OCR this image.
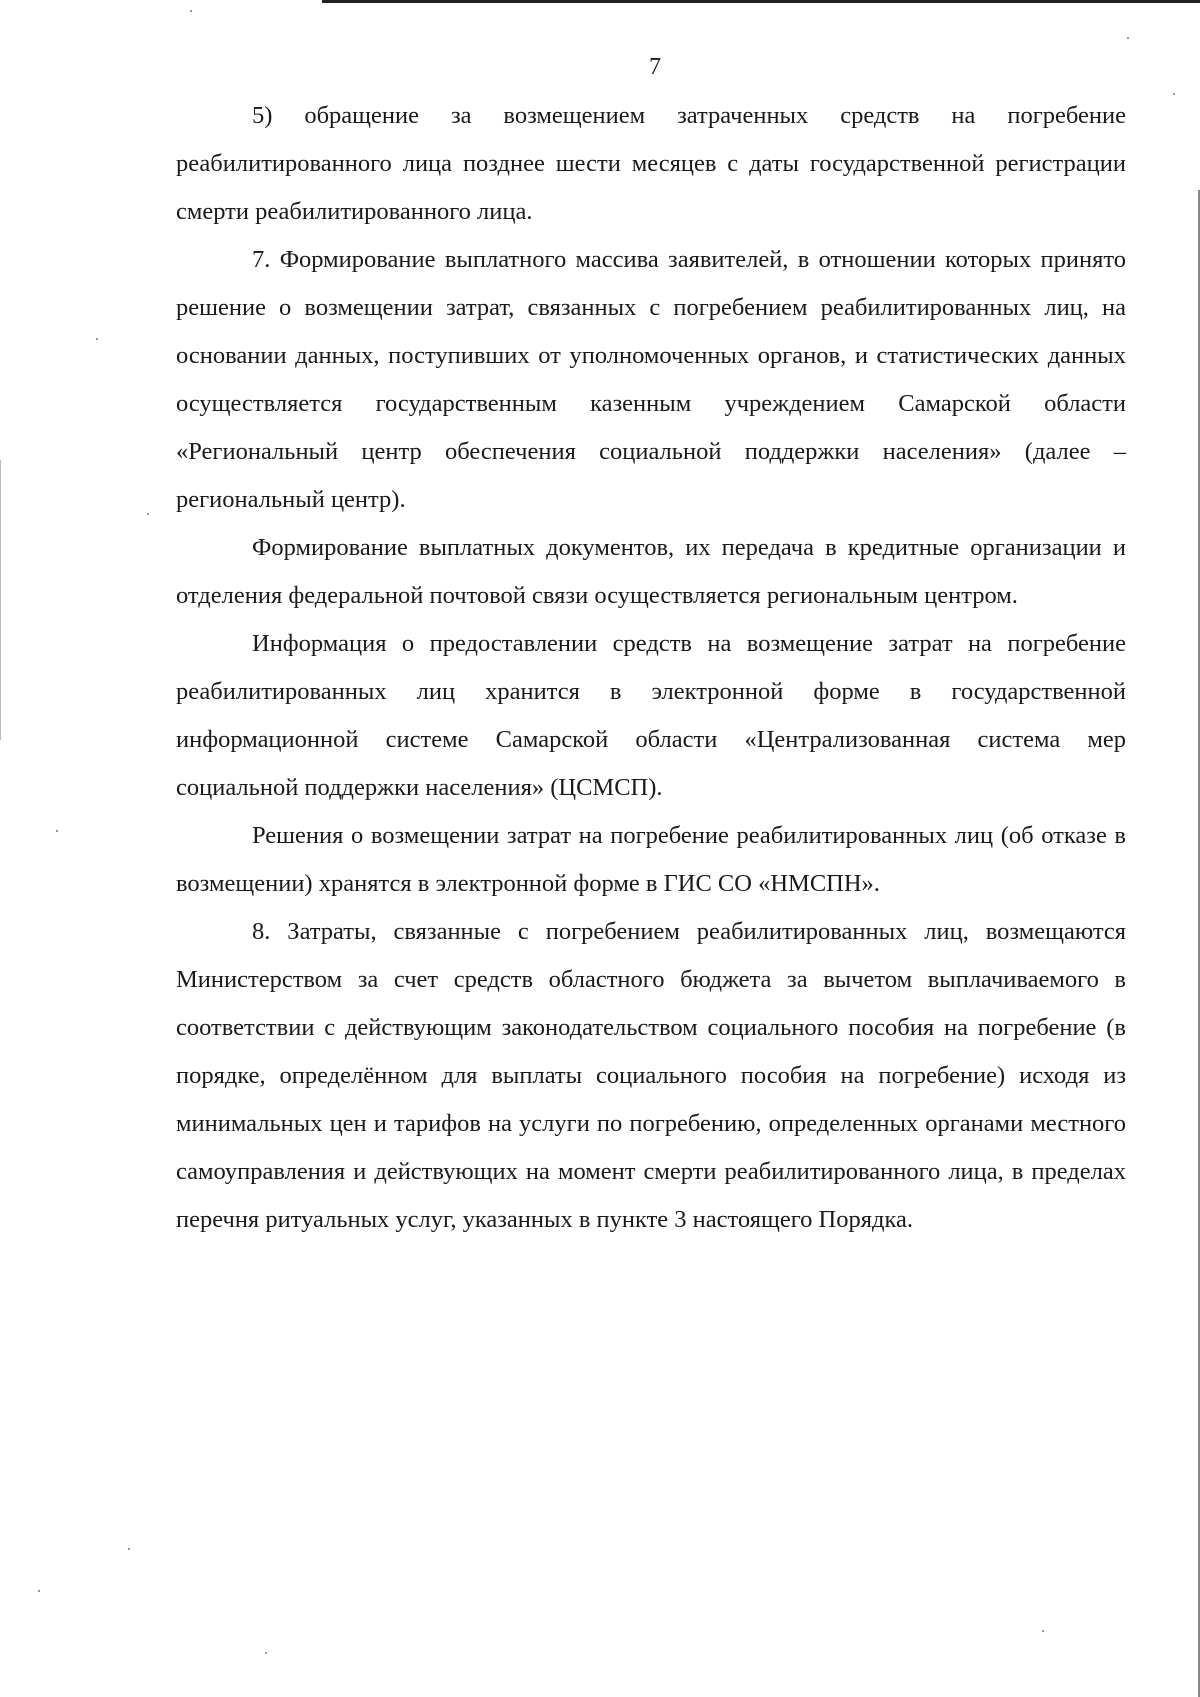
7

5) обращение за возмещением затраченных средств на погребение реабилитированного лица позднее шести месяцев с даты государственной регистрации смерти реабилитированного лица.

7. Формирование выплатного массива заявителей, в отношении которых принято решение о возмещении затрат, связанных с погребением реабилитированных лиц, на основании данных, поступивших от уполномоченных органов, и статистических данных осуществляется государственным казенным учреждением Самарской области «Региональный центр обеспечения социальной поддержки населения» (далее – региональный центр).

Формирование выплатных документов, их передача в кредитные организации и отделения федеральной почтовой связи осуществляется региональным центром.

Информация о предоставлении средств на возмещение затрат на погребение реабилитированных лиц хранится в электронной форме в государственной информационной системе Самарской области «Централизованная система мер социальной поддержки населения» (ЦСМСП).

Решения о возмещении затрат на погребение реабилитированных лиц (об отказе в возмещении) хранятся в электронной форме в ГИС СО «НМСПН».

8. Затраты, связанные с погребением реабилитированных лиц, возмещаются Министерством за счет средств областного бюджета за вычетом выплачиваемого в соответствии с действующим законодательством социального пособия на погребение (в порядке, определённом для выплаты социального пособия на погребение) исходя из минимальных цен и тарифов на услуги по погребению, определенных органами местного самоуправления и действующих на момент смерти реабилитированного лица, в пределах перечня ритуальных услуг, указанных в пункте 3 настоящего Порядка.
